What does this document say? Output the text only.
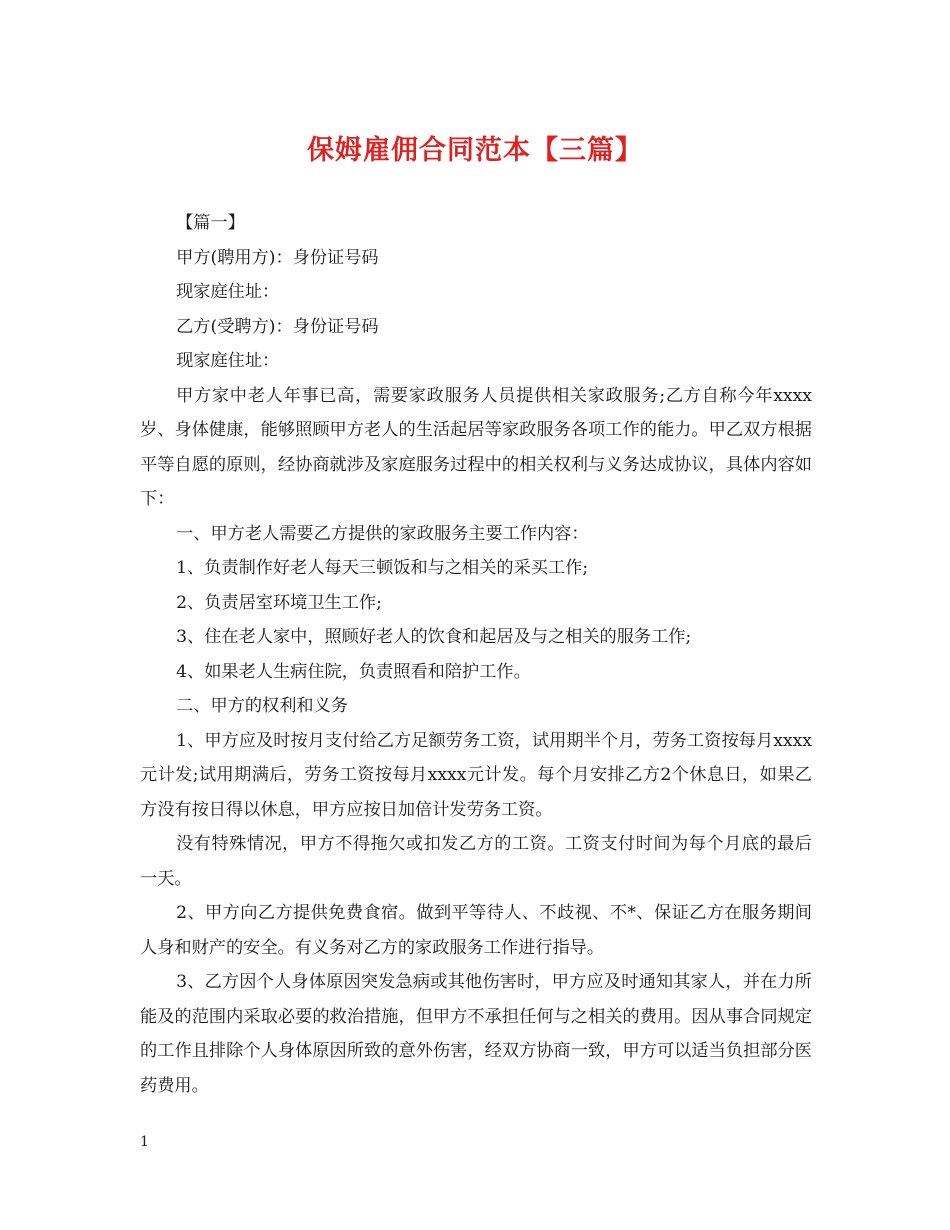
保姆雇佣合同范本【三篇】

【篇一】

甲方(聘用方)：身份证号码

现家庭住址：

乙方(受聘方)：身份证号码

现家庭住址：

甲方家中老人年事已高，需要家政服务人员提供相关家政服务;乙方自称今年xxxx岁、身体健康，能够照顾甲方老人的生活起居等家政服务各项工作的能力。甲乙双方根据平等自愿的原则，经协商就涉及家庭服务过程中的相关权利与义务达成协议，具体内容如下：

一、甲方老人需要乙方提供的家政服务主要工作内容：

1、负责制作好老人每天三顿饭和与之相关的采买工作;

2、负责居室环境卫生工作;

3、住在老人家中，照顾好老人的饮食和起居及与之相关的服务工作;

4、如果老人生病住院，负责照看和陪护工作。

二、甲方的权利和义务

1、甲方应及时按月支付给乙方足额劳务工资，试用期半个月，劳务工资按每月xxxx元计发;试用期满后，劳务工资按每月xxxx元计发。每个月安排乙方2个休息日，如果乙方没有按日得以休息，甲方应按日加倍计发劳务工资。

没有特殊情况，甲方不得拖欠或扣发乙方的工资。工资支付时间为每个月底的最后一天。

2、甲方向乙方提供免费食宿。做到平等待人、不歧视、不*、保证乙方在服务期间人身和财产的安全。有义务对乙方的家政服务工作进行指导。

3、乙方因个人身体原因突发急病或其他伤害时，甲方应及时通知其家人，并在力所能及的范围内采取必要的救治措施，但甲方不承担任何与之相关的费用。因从事合同规定的工作且排除个人身体原因所致的意外伤害，经双方协商一致，甲方可以适当负担部分医药费用。

1
